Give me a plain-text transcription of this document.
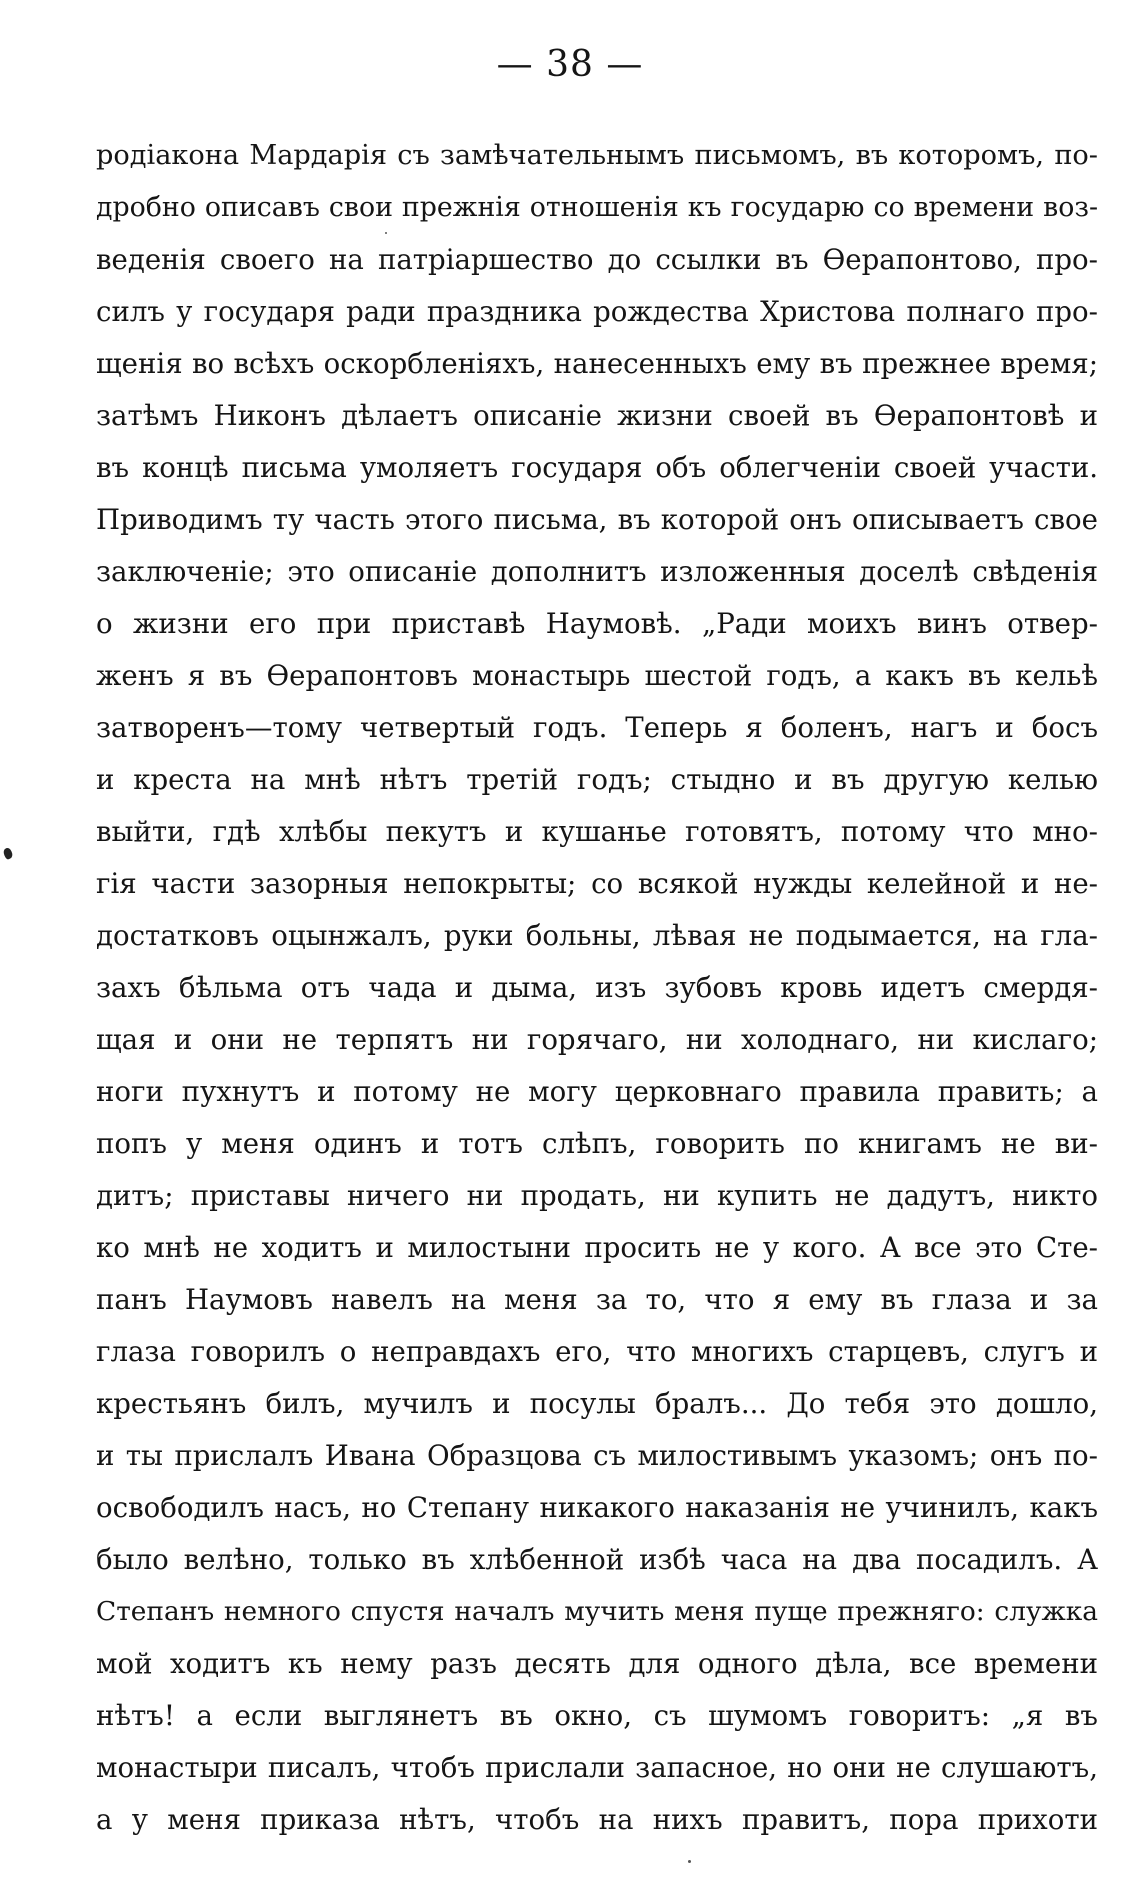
— 38 —
родіакона Мардарія съ замѣчательнымъ письмомъ, въ которомъ, по-
дробно описавъ свои прежнія отношенія къ государю со времени воз-
веденія своего на патріаршество до ссылки въ Ѳерапонтово, про-
силъ у государя ради праздника рождества Христова полнаго про-
щенія во всѣхъ оскорбленіяхъ, нанесенныхъ ему въ прежнее время;
затѣмъ Никонъ дѣлаетъ описаніе жизни своей въ Ѳерапонтовѣ и
въ концѣ письма умоляетъ государя объ облегченіи своей участи.
Приводимъ ту часть этого письма, въ которой онъ описываетъ свое
заключеніе; это описаніе дополнитъ изложенныя доселѣ свѣденія
о жизни его при приставѣ Наумовѣ. „Ради моихъ винъ отвер-
женъ я въ Ѳерапонтовъ монастырь шестой годъ, а какъ въ кельѣ
затворенъ—тому четвертый годъ. Теперь я боленъ, нагъ и босъ
и креста на мнѣ нѣтъ третій годъ; стыдно и въ другую келью
выйти, гдѣ хлѣбы пекутъ и кушанье готовятъ, потому что мно-
гія части зазорныя непокрыты; со всякой нужды келейной и не-
достатковъ оцынжалъ, руки больны, лѣвая не подымается, на гла-
захъ бѣльма отъ чада и дыма, изъ зубовъ кровь идетъ смердя-
щая и они не терпятъ ни горячаго, ни холоднаго, ни кислаго;
ноги пухнутъ и потому не могу церковнаго правила править; а
попъ у меня одинъ и тотъ слѣпъ, говорить по книгамъ не ви-
дитъ; приставы ничего ни продать, ни купить не дадутъ, никто
ко мнѣ не ходитъ и милостыни просить не у кого. А все это Сте-
панъ Наумовъ навелъ на меня за то, что я ему въ глаза и за
глаза говорилъ о неправдахъ его, что многихъ старцевъ, слугъ и
крестьянъ билъ, мучилъ и посулы бралъ... До тебя это дошло,
и ты прислалъ Ивана Образцова съ милостивымъ указомъ; онъ по-
освободилъ насъ, но Степану никакого наказанія не учинилъ, какъ
было велѣно, только въ хлѣбенной избѣ часа на два посадилъ. А
Степанъ немного спустя началъ мучить меня пуще прежняго: служка
мой ходитъ къ нему разъ десять для одного дѣла, все времени
нѣтъ! а если выглянетъ въ окно, съ шумомъ говоритъ: „я въ
монастыри писалъ, чтобъ прислали запасное, но они не слушаютъ,
а у меня приказа нѣтъ, чтобъ на нихъ правитъ, пора прихоти
